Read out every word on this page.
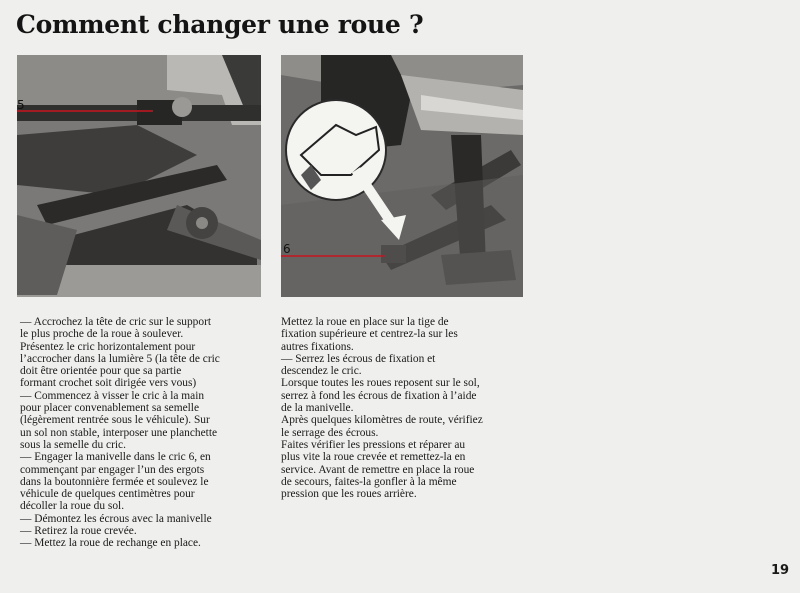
Comment changer une roue ?
5
6

— Accrochez la tête de cric sur le support

le plus proche de la roue à soulever.

Présentez le cric horizontalement pour

l’accrocher dans la lumière 5 (la tête de cric

doit être orientée pour que sa partie

formant crochet soit dirigée vers vous)

— Commencez à visser le cric à la main

pour placer convenablement sa semelle

(légèrement rentrée sous le véhicule). Sur

un sol non stable, interposer une planchette

sous la semelle du cric.

— Engager la manivelle dans le cric 6, en

commençant par engager l’un des ergots

dans la boutonnière fermée et soulevez le

véhicule de quelques centimètres pour

décoller la roue du sol.

— Démontez les écrous avec la manivelle

— Retirez la roue crevée.

— Mettez la roue de rechange en place.

Mettez la roue en place sur la tige de

fixation supérieure et centrez-la sur les

autres fixations.

— Serrez les écrous de fixation et

descendez le cric.

Lorsque toutes les roues reposent sur le sol,

serrez à fond les écrous de fixation à l’aide

de la manivelle.

Après quelques kilomètres de route, vérifiez

le serrage des écrous.

Faites vérifier les pressions et réparer au

plus vite la roue crevée et remettez-la en

service. Avant de remettre en place la roue

de secours, faites-la gonfler à la même

pression que les roues arrière.

19
